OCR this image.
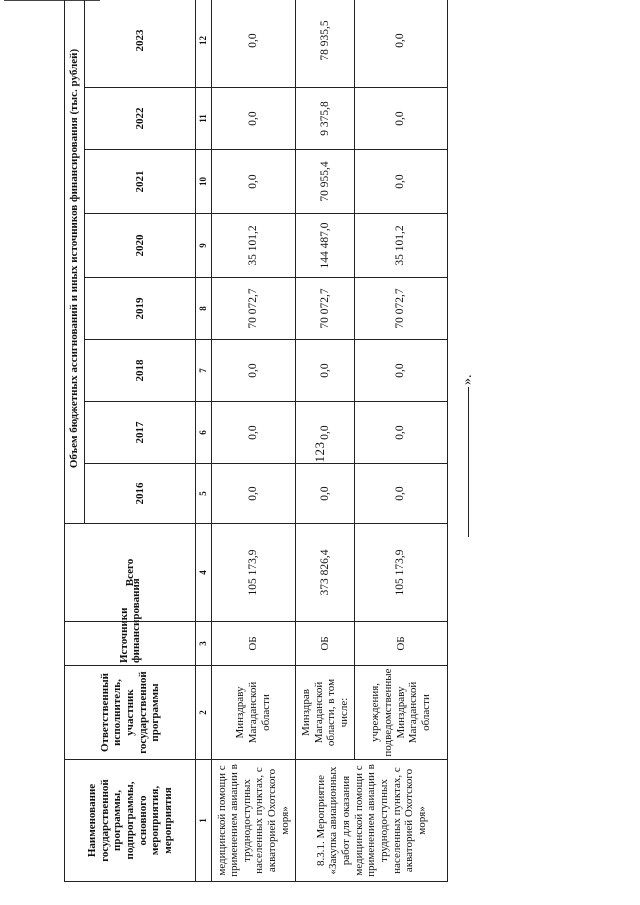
123
».
Наименование государственной программы, подпрограммы, основного мероприятия, мероприятия	Ответственный исполнитель, участник государственной программы	Источники финансирования	Всего	Объем бюджетных ассигнований и иных источников финансирования (тыс. рублей)							
				2016	2017	2018	2019	2020	2021	2022	2023
1	2	3	4	5	6	7	8	9	10	11	12
медицинской помощи с применением авиации в труднодоступных населенных пунктах, с акваторией Охотского моря»	Минздраву Магаданской области	ОБ	105 173,9	0,0	0,0	0,0	70 072,7	35 101,2	0,0	0,0	0,0
8.3.1. Мероприятие «Закупка авиационных работ для оказания медицинской помощи с применением авиации в труднодоступных населенных пунктах, с акваторией Охотского моря»	Минздрав Магаданской области, в том числе:	ОБ	373 826,4	0,0	0,0	0,0	70 072,7	144 487,0	70 955,4	9 375,8	78 935,5
	учреждения, подведомственные Минздраву Магаданской области	ОБ	105 173,9	0,0	0,0	0,0	70 072,7	35 101,2	0,0	0,0	0,0
